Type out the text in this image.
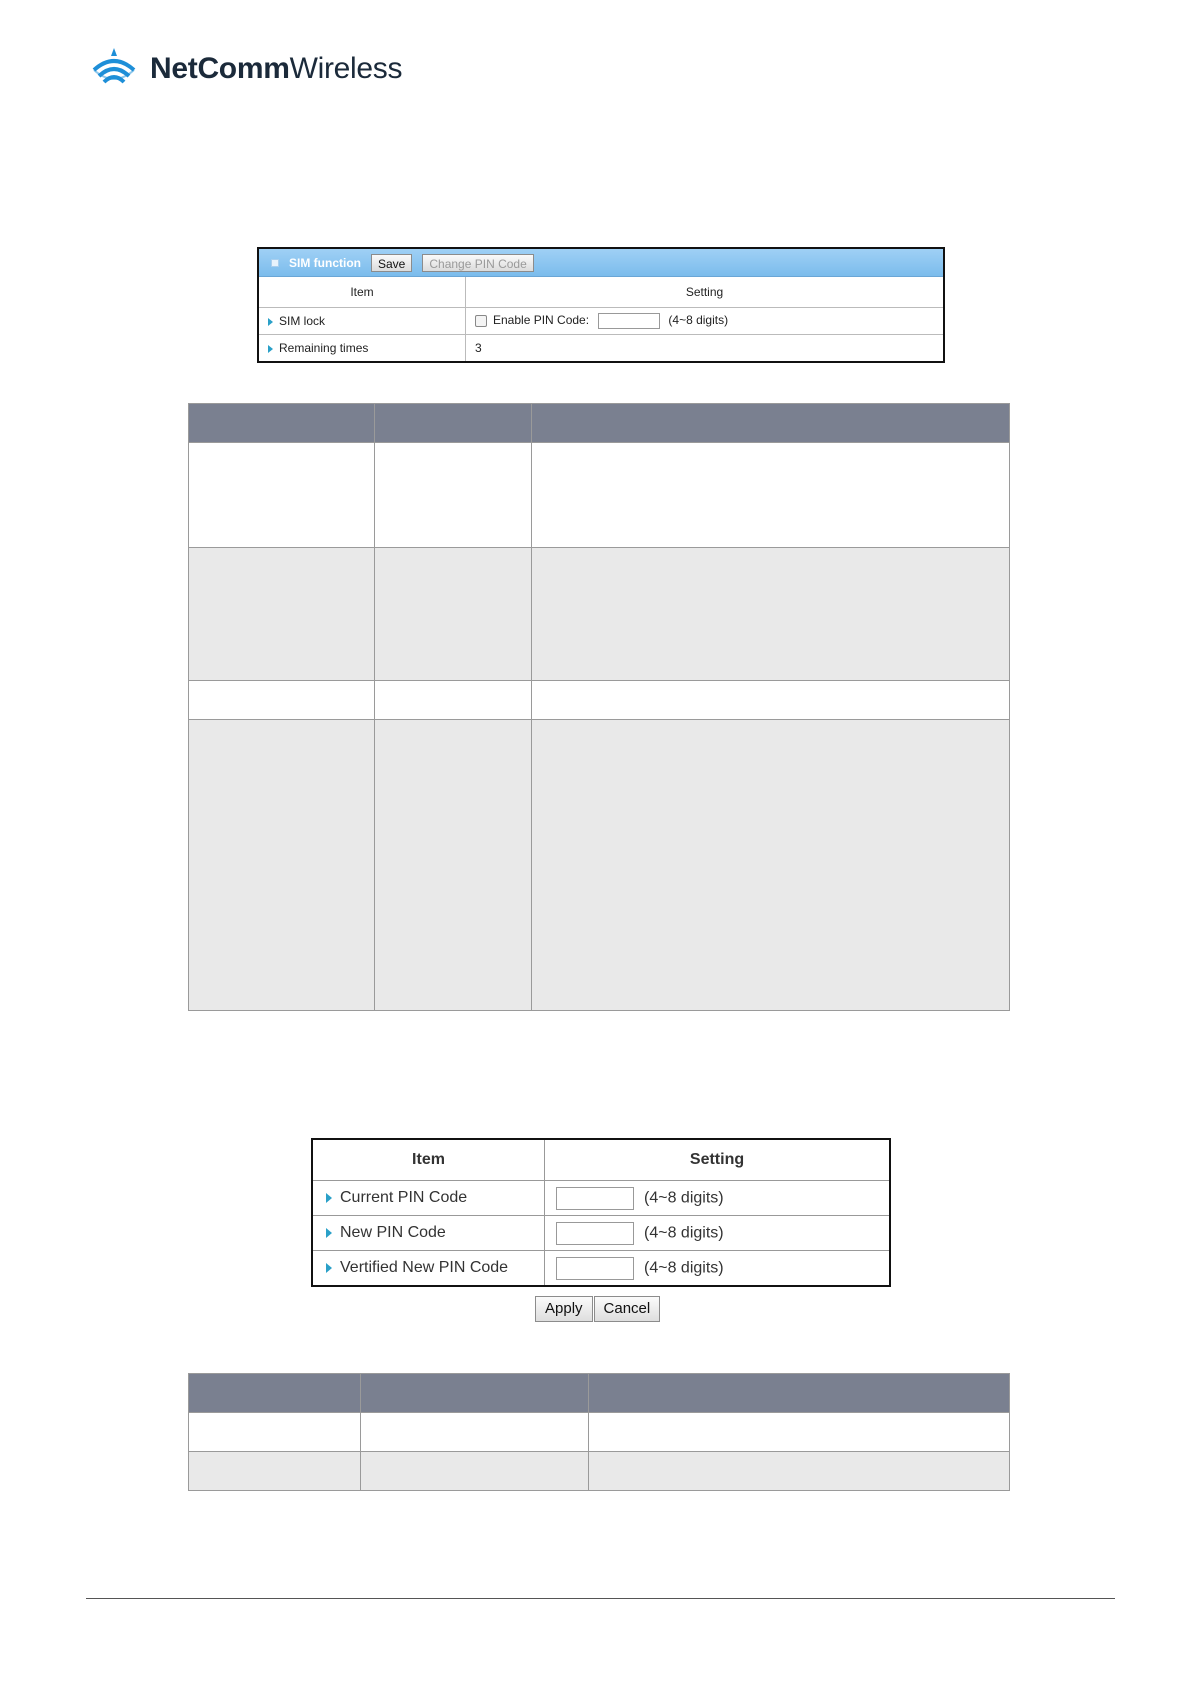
NetCommWireless
SIM function	Save	Change PIN Code
Item	Setting
SIM lock	Enable PIN Code: (4~8 digits)
Remaining times	3

Item	Setting
Current PIN Code	(4~8 digits)
New PIN Code	(4~8 digits)
Vertified New PIN Code	(4~8 digits)
Apply	Cancel
